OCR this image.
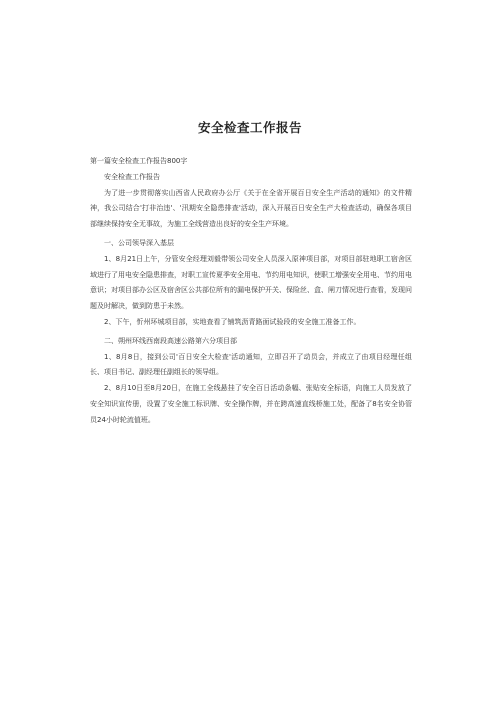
安全检查工作报告

第一篇安全检查工作报告800字

安全检查工作报告

为了进一步贯彻落实山西省人民政府办公厅《关于在全省开展百日安全生产活动的通知》的文件精神，我公司结合'打非治违'、'汛期安全隐患排查'活动，深入开展百日安全生产大检查活动，确保各项目部继续保持安全无事故，为施工全线营造出良好的安全生产环境。

一、公司领导深入基层

1、8月21日上午，分管安全经理刘毅带领公司安全人员深入原神项目部，对项目部驻地职工宿舍区域进行了用电安全隐患排查，对职工宣传夏季安全用电、节约用电知识，使职工增强安全用电、节约用电意识；对项目部办公区及宿舍区公共部位所有的漏电保护开关、保险丝、盒、闸刀情况进行查看，发现问题及时解决，做到防患于未然。

2、下午，忻州环城项目部，实地查看了铺筑沥青路面试验段的安全施工准备工作。

二、朔州环线西南段高速公路第六分项目部

1、8月8日，接到公司'百日安全大检查'活动通知，立即召开了动员会，并成立了由项目经理任组长、项目书记、副经理任副组长的领导组。

2、8月10日至8月20日，在施工全线悬挂了安全百日活动条幅、张贴安全标语，向施工人员发放了安全知识宣传册，设置了安全施工标识牌、安全操作牌，并在跨高速直线桥施工处，配备了8名安全协管员24小时轮流值班。
